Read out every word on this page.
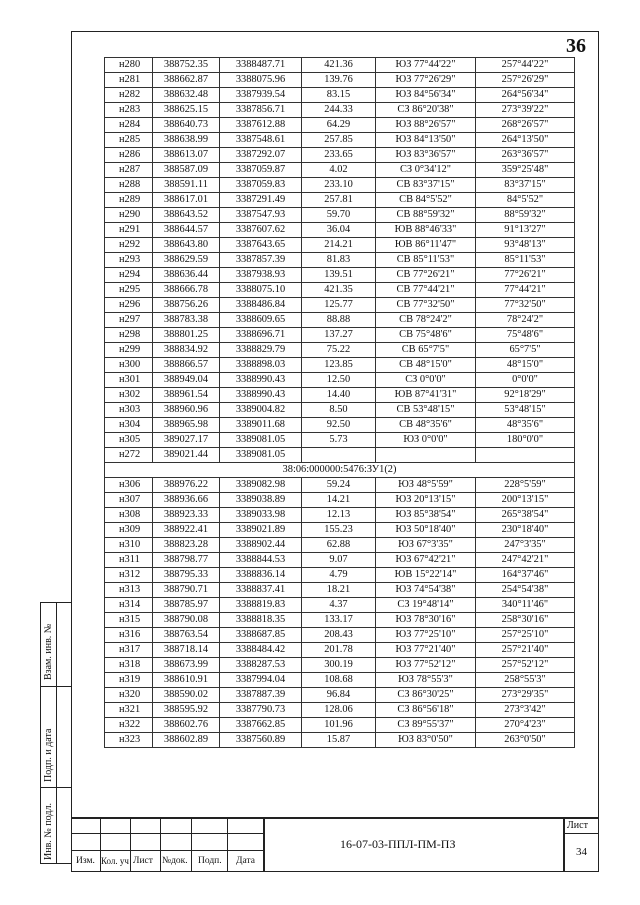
36
н280	388752.35	3388487.71	421.36	ЮЗ 77°44'22"	257°44'22"
н281	388662.87	3388075.96	139.76	ЮЗ 77°26'29"	257°26'29"
н282	388632.48	3387939.54	83.15	ЮЗ 84°56'34"	264°56'34"
н283	388625.15	3387856.71	244.33	СЗ 86°20'38"	273°39'22"
н284	388640.73	3387612.88	64.29	ЮЗ 88°26'57"	268°26'57"
н285	388638.99	3387548.61	257.85	ЮЗ 84°13'50"	264°13'50"
н286	388613.07	3387292.07	233.65	ЮЗ 83°36'57"	263°36'57"
н287	388587.09	3387059.87	4.02	СЗ 0°34'12"	359°25'48"
н288	388591.11	3387059.83	233.10	СВ 83°37'15"	83°37'15"
н289	388617.01	3387291.49	257.81	СВ 84°5'52"	84°5'52"
н290	388643.52	3387547.93	59.70	СВ 88°59'32"	88°59'32"
н291	388644.57	3387607.62	36.04	ЮВ 88°46'33"	91°13'27"
н292	388643.80	3387643.65	214.21	ЮВ 86°11'47"	93°48'13"
н293	388629.59	3387857.39	81.83	СВ 85°11'53"	85°11'53"
н294	388636.44	3387938.93	139.51	СВ 77°26'21"	77°26'21"
н295	388666.78	3388075.10	421.35	СВ 77°44'21"	77°44'21"
н296	388756.26	3388486.84	125.77	СВ 77°32'50"	77°32'50"
н297	388783.38	3388609.65	88.88	СВ 78°24'2"	78°24'2"
н298	388801.25	3388696.71	137.27	СВ 75°48'6"	75°48'6"
н299	388834.92	3388829.79	75.22	СВ 65°7'5"	65°7'5"
н300	388866.57	3388898.03	123.85	СВ 48°15'0"	48°15'0"
н301	388949.04	3388990.43	12.50	СЗ 0°0'0"	0°0'0"
н302	388961.54	3388990.43	14.40	ЮВ 87°41'31"	92°18'29"
н303	388960.96	3389004.82	8.50	СВ 53°48'15"	53°48'15"
н304	388965.98	3389011.68	92.50	СВ 48°35'6"	48°35'6"
н305	389027.17	3389081.05	5.73	ЮЗ 0°0'0"	180°0'0"
н272	389021.44	3389081.05			
38:06:000000:5476:ЗУ1(2)					
н306	388976.22	3389082.98	59.24	ЮЗ 48°5'59"	228°5'59"
н307	388936.66	3389038.89	14.21	ЮЗ 20°13'15"	200°13'15"
н308	388923.33	3389033.98	12.13	ЮЗ 85°38'54"	265°38'54"
н309	388922.41	3389021.89	155.23	ЮЗ 50°18'40"	230°18'40"
н310	388823.28	3388902.44	62.88	ЮЗ 67°3'35"	247°3'35"
н311	388798.77	3388844.53	9.07	ЮЗ 67°42'21"	247°42'21"
н312	388795.33	3388836.14	4.79	ЮВ 15°22'14"	164°37'46"
н313	388790.71	3388837.41	18.21	ЮЗ 74°54'38"	254°54'38"
н314	388785.97	3388819.83	4.37	СЗ 19°48'14"	340°11'46"
н315	388790.08	3388818.35	133.17	ЮЗ 78°30'16"	258°30'16"
н316	388763.54	3388687.85	208.43	ЮЗ 77°25'10"	257°25'10"
н317	388718.14	3388484.42	201.78	ЮЗ 77°21'40"	257°21'40"
н318	388673.99	3388287.53	300.19	ЮЗ 77°52'12"	257°52'12"
н319	388610.91	3387994.04	108.68	ЮЗ 78°55'3"	258°55'3"
н320	388590.02	3387887.39	96.84	СЗ 86°30'25"	273°29'35"
н321	388595.92	3387790.73	128.06	СЗ 86°56'18"	273°3'42"
н322	388602.76	3387662.85	101.96	СЗ 89°55'37"	270°4'23"
н323	388602.89	3387560.89	15.87	ЮЗ 83°0'50"	263°0'50"
Взам. инв. №
Подп. и дата
Инв. № подл.
Изм. Кол. уч Лист №док. Подп. Дата
16-07-03-ППЛ-ПМ-ПЗ
Лист
34
